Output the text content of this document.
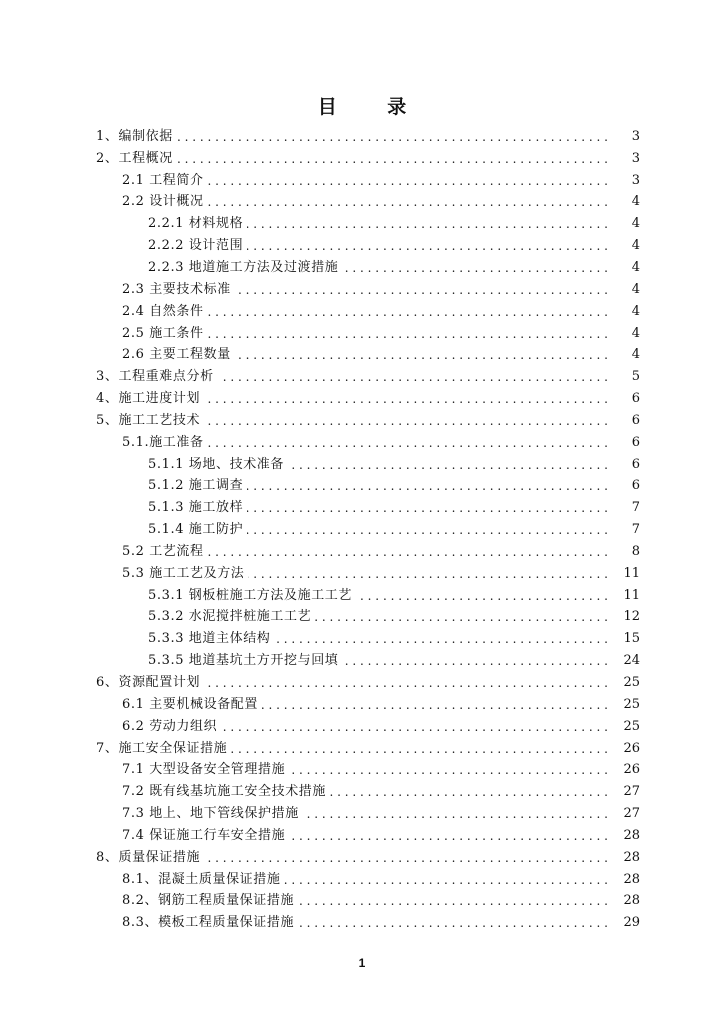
目 录
1、编制依据 . . .	3
2、工程概况 . . .	3
2.1 工程简介 . . .	3
2.2 设计概况 . . .	4
2.2.1 材料规格 . . .	4
2.2.2 设计范围 . . .	4
2.2.3 地道施工方法及过渡措施 . . .	4
2.3 主要技术标准 . . .	4
2.4 自然条件 . . .	4
2.5 施工条件 . . .	4
2.6 主要工程数量 . . .	4
3、工程重难点分析 . . .	5
4、施工进度计划 . . .	6
5、施工工艺技术 . . .	6
5.1.施工准备 . . .	6
5.1.1 场地、技术准备 . . .	6
5.1.2 施工调查 . . .	6
5.1.3 施工放样 . . .	7
5.1.4 施工防护 . . .	7
5.2 工艺流程 . . .	8
5.3 施工工艺及方法 . . .	11
5.3.1 钢板桩施工方法及施工工艺 . . .	11
5.3.2 水泥搅拌桩施工工艺 . . .	12
5.3.3 地道主体结构 . . .	15
5.3.5 地道基坑土方开挖与回填 . . .	24
6、资源配置计划 . . .	25
6.1 主要机械设备配置 . . .	25
6.2 劳动力组织 . . .	25
7、施工安全保证措施 . . .	26
7.1 大型设备安全管理措施 . . .	26
7.2 既有线基坑施工安全技术措施 . . .	27
7.3 地上、地下管线保护措施 . . .	27
7.4 保证施工行车安全措施 . . .	28
8、质量保证措施 . . .	28
8.1、混凝土质量保证措施 . . .	28
8.2、钢筋工程质量保证措施 . . .	28
8.3、模板工程质量保证措施 . . .	29
1
